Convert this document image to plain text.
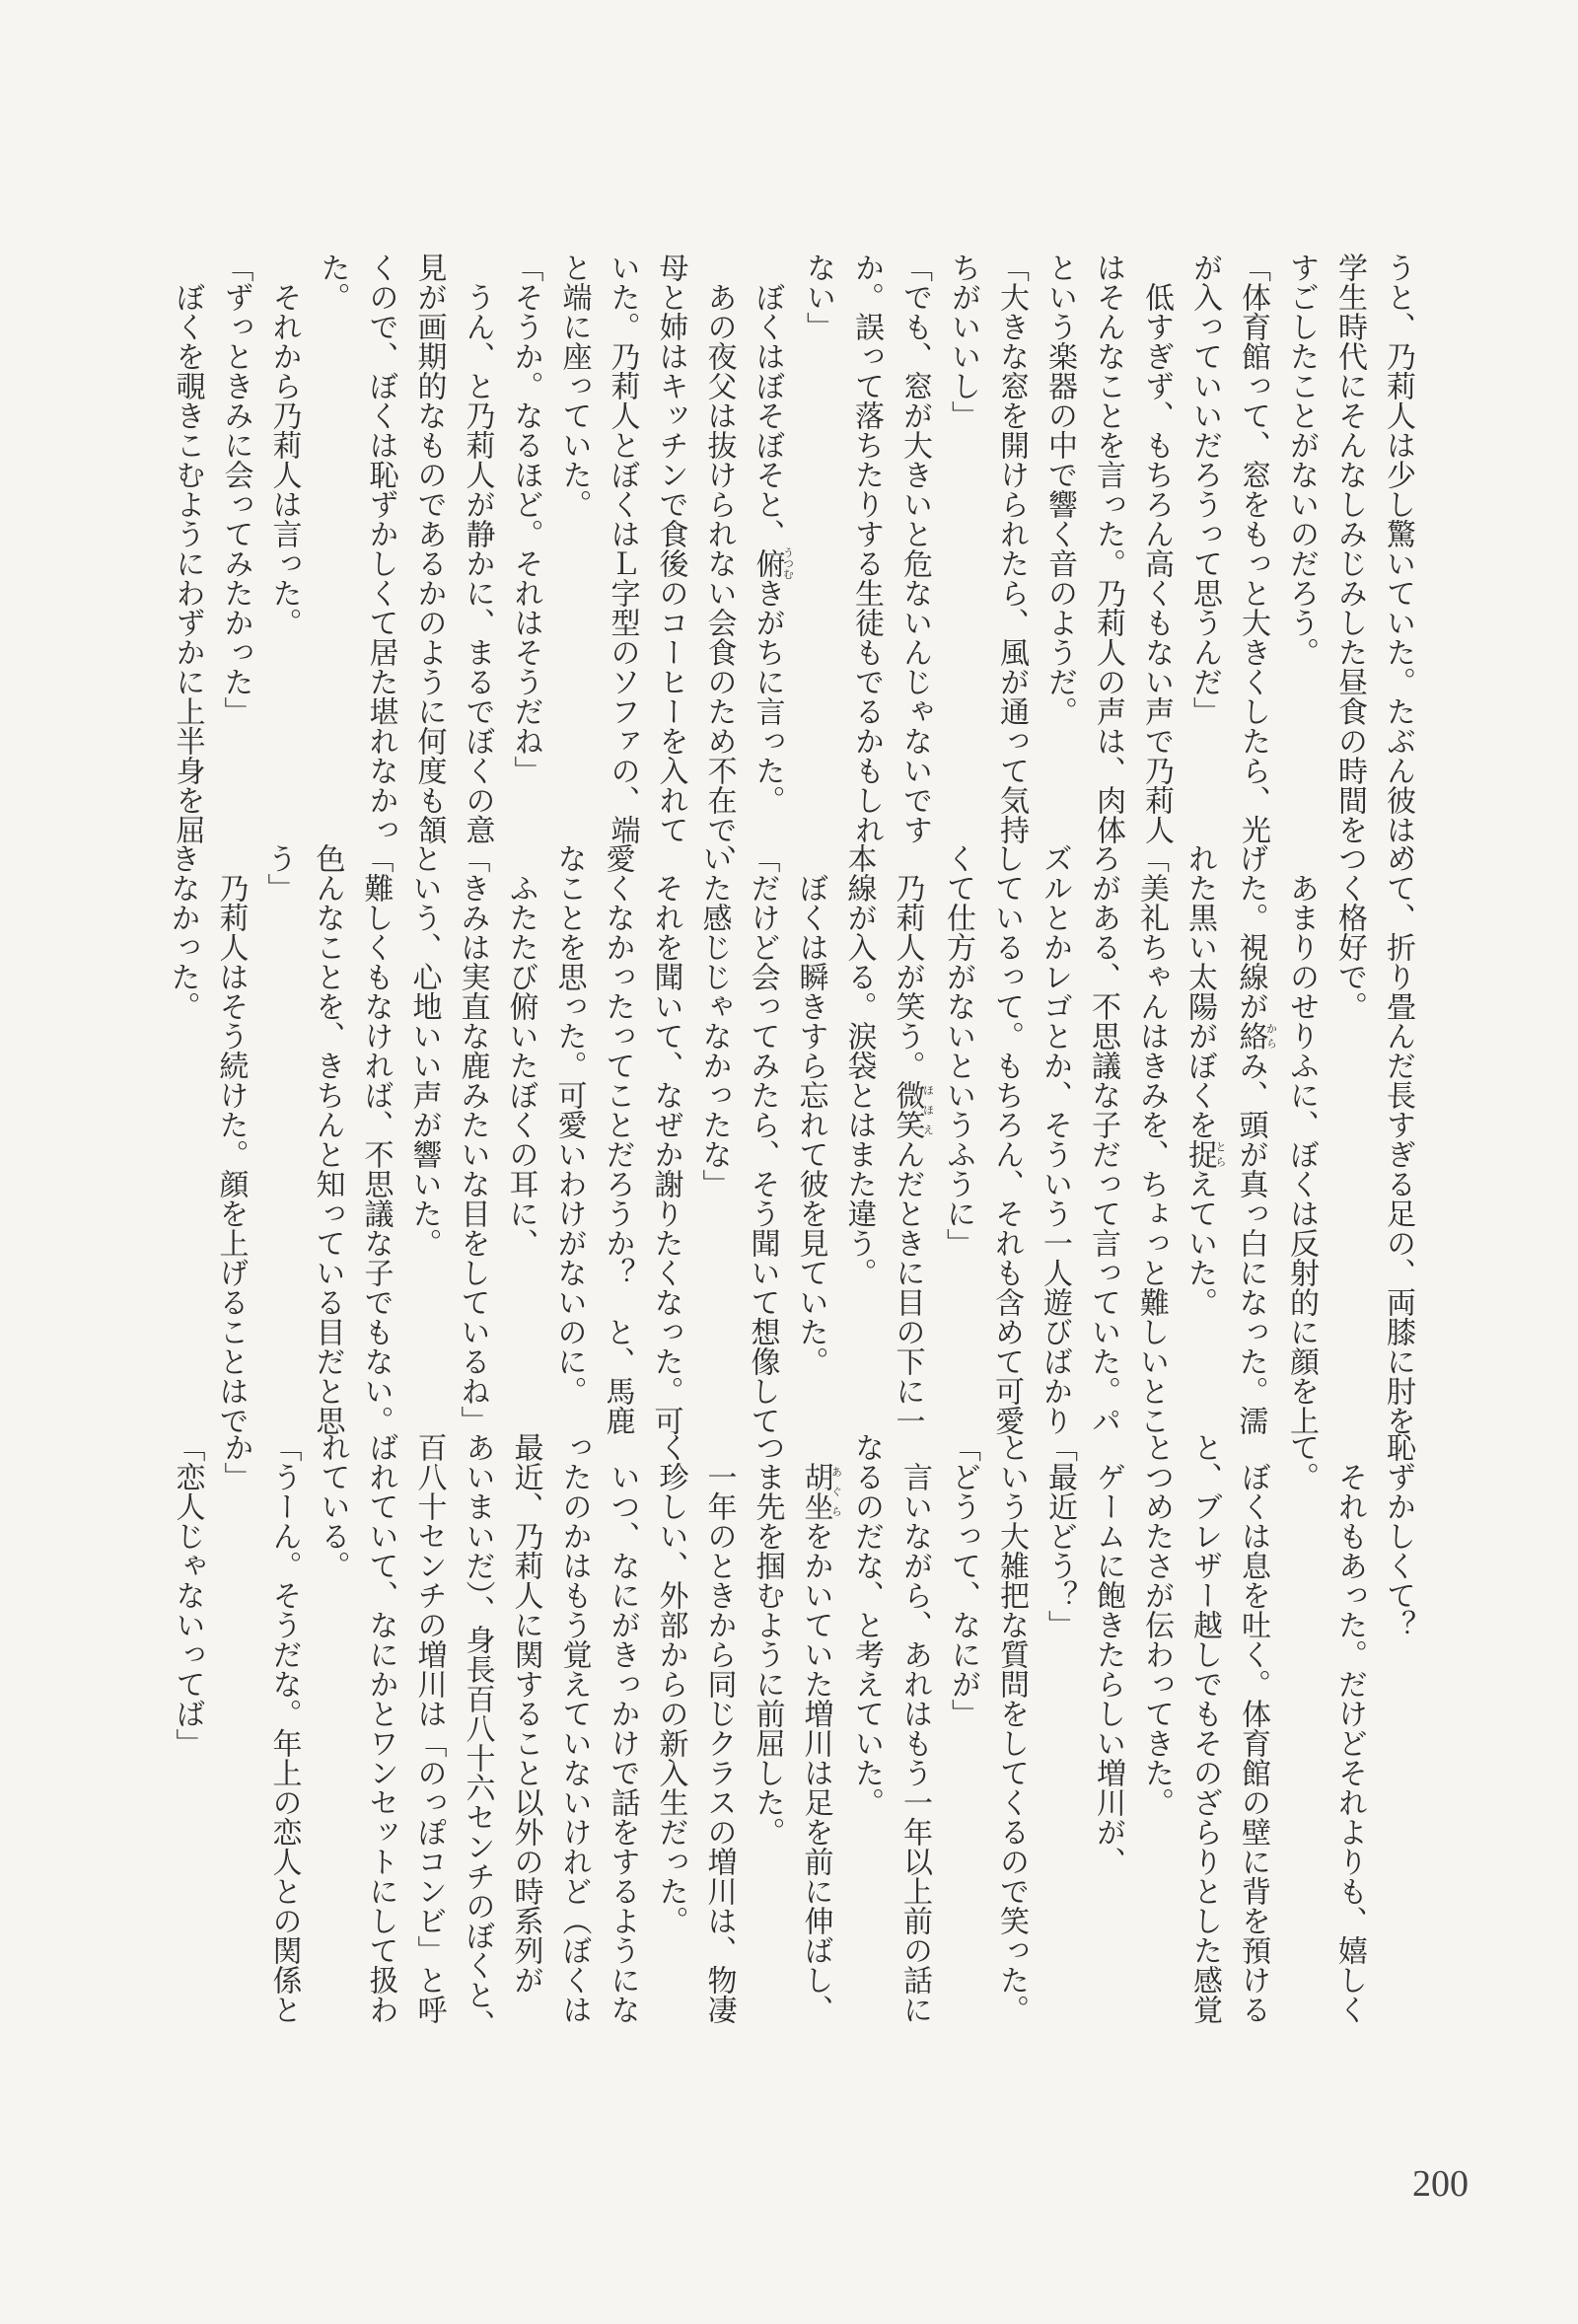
うと、乃莉人は少し驚いていた。たぶん彼は、
学生時代にそんなしみじみした昼食の時間を
すごしたことがないのだろう。
「体育館って、窓をもっと大きくしたら、光
が入っていいだろうって思うんだ」
　低すぎず、もちろん高くもない声で乃莉人
はそんなことを言った。乃莉人の声は、肉体
という楽器の中で響く音のようだ。
「大きな窓を開けられたら、風が通って気持
ちがいいし」
「でも、窓が大きいと危ないんじゃないです
か。誤って落ちたりする生徒もでるかもしれ
ない」
　ぼくはぼそぼそと、俯うつむきがちに言った。
　あの夜父は抜けられない会食のため不在で、
母と姉はキッチンで食後のコーヒーを入れて
いた。乃莉人とぼくはＬ字型のソファの、端
と端に座っていた。
「そうか。なるほど。それはそうだね」
　うん、と乃莉人が静かに、まるでぼくの意
見が画期的なものであるかのように何度も頷
くので、ぼくは恥ずかしくて居た堪れなかっ
た。
　それから乃莉人は言った。
「ずっときみに会ってみたかった」
　ぼくを覗きこむようにわずかに上半身を屈
めて、折り畳んだ長すぎる足の、両膝に肘を
つく格好で。
　あまりのせりふに、ぼくは反射的に顔を上
げた。視線が絡からみ、頭が真っ白になった。濡
れた黒い太陽がぼくを捉とらえていた。
「美礼ちゃんはきみを、ちょっと難しいとこ
ろがある、不思議な子だって言っていた。パ
ズルとかレゴとか、そういう一人遊びばかり
しているって。もちろん、それも含めて可愛
くて仕方がないというふうに」
　乃莉人が笑う。微笑ほほえんだときに目の下に一
本線が入る。涙袋とはまた違う。
　ぼくは瞬きすら忘れて彼を見ていた。
「だけど会ってみたら、そう聞いて想像して
いた感じじゃなかったな」
　それを聞いて、なぜか謝りたくなった。可
愛くなかったってことだろうか？　と、馬鹿
なことを思った。可愛いわけがないのに。
　ふたたび俯いたぼくの耳に、
「きみは実直な鹿みたいな目をしているね」
という、心地いい声が響いた。
「難しくもなければ、不思議な子でもない。
色んなことを、きちんと知っている目だと思
う」
　乃莉人はそう続けた。顔を上げることはで
きなかった。
恥ずかしくて？
　それもあった。だけどそれよりも、嬉しく
て。
　ぼくは息を吐く。体育館の壁に背を預ける
と、ブレザー越しでもそのざらりとした感覚
とつめたさが伝わってきた。
　ゲームに飽きたらしい増川が、
「最近どう？」
という大雑把な質問をしてくるので笑った。
「どうって、なにが」
　言いながら、あれはもう一年以上前の話に
なるのだな、と考えていた。
　胡坐あぐらをかいていた増川は足を前に伸ばし、
つま先を掴むように前屈した。
　一年のときから同じクラスの増川は、物凄
く珍しい、外部からの新入生だった。
　いつ、なにがきっかけで話をするようにな
ったのかはもう覚えていないけれど（ぼくは
最近、乃莉人に関すること以外の時系列が
あいまいだ）、身長百八十六センチのぼくと、
百八十センチの増川は「のっぽコンビ」と呼
ばれていて、なにかとワンセットにして扱わ
れている。
「うーん。そうだな。年上の恋人との関係と
か」
「恋人じゃないってば」
200
